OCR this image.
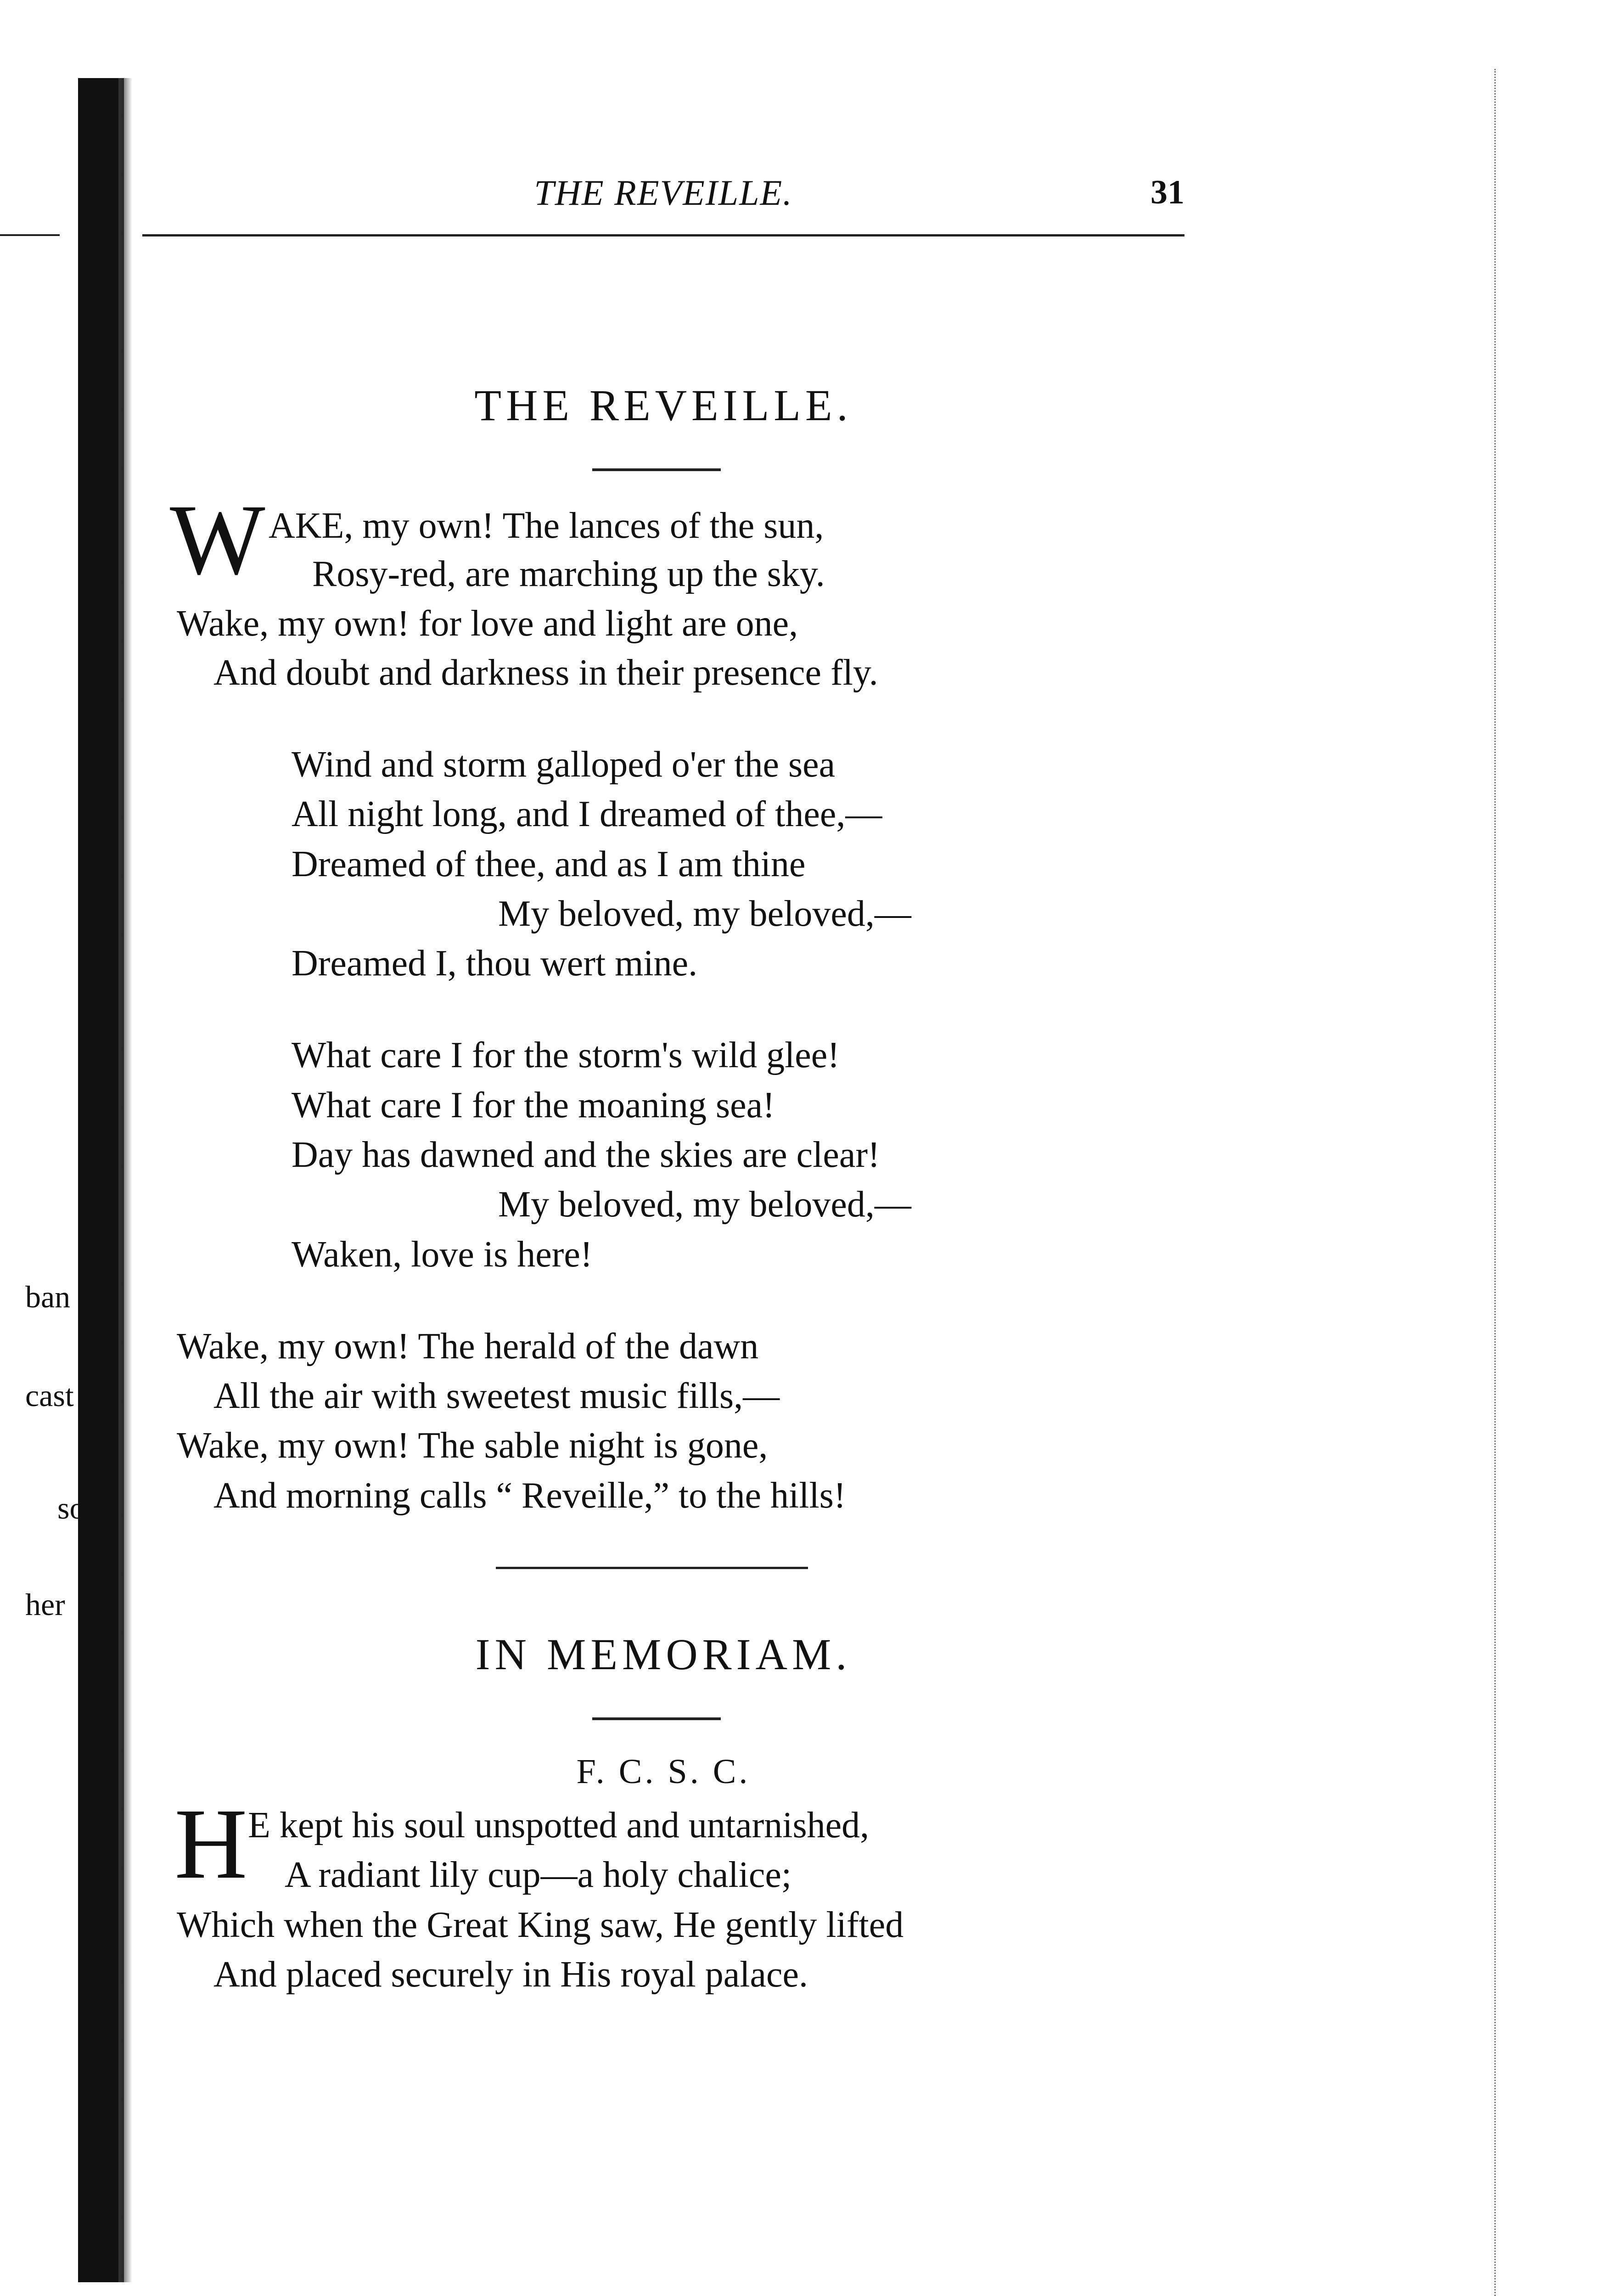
ban
cast
so
her
THE REVEILLE.	31
THE REVEILLE.
W AKE, my own! The lances of the sun,
Rosy-red, are marching up the sky.
Wake, my own! for love and light are one,
And doubt and darkness in their presence fly.
Wind and storm galloped o'er the sea
All night long, and I dreamed of thee,—
Dreamed of thee, and as I am thine
My beloved, my beloved,—
Dreamed I, thou wert mine.
What care I for the storm's wild glee!
What care I for the moaning sea!
Day has dawned and the skies are clear!
My beloved, my beloved,—
Waken, love is here!
Wake, my own! The herald of the dawn
All the air with sweetest music fills,—
Wake, my own! The sable night is gone,
And morning calls “ Reveille,” to the hills!
IN MEMORIAM.
F. C. S. C.
H E kept his soul unspotted and untarnished,
A radiant lily cup—a holy chalice;
Which when the Great King saw, He gently lifted
And placed securely in His royal palace.
